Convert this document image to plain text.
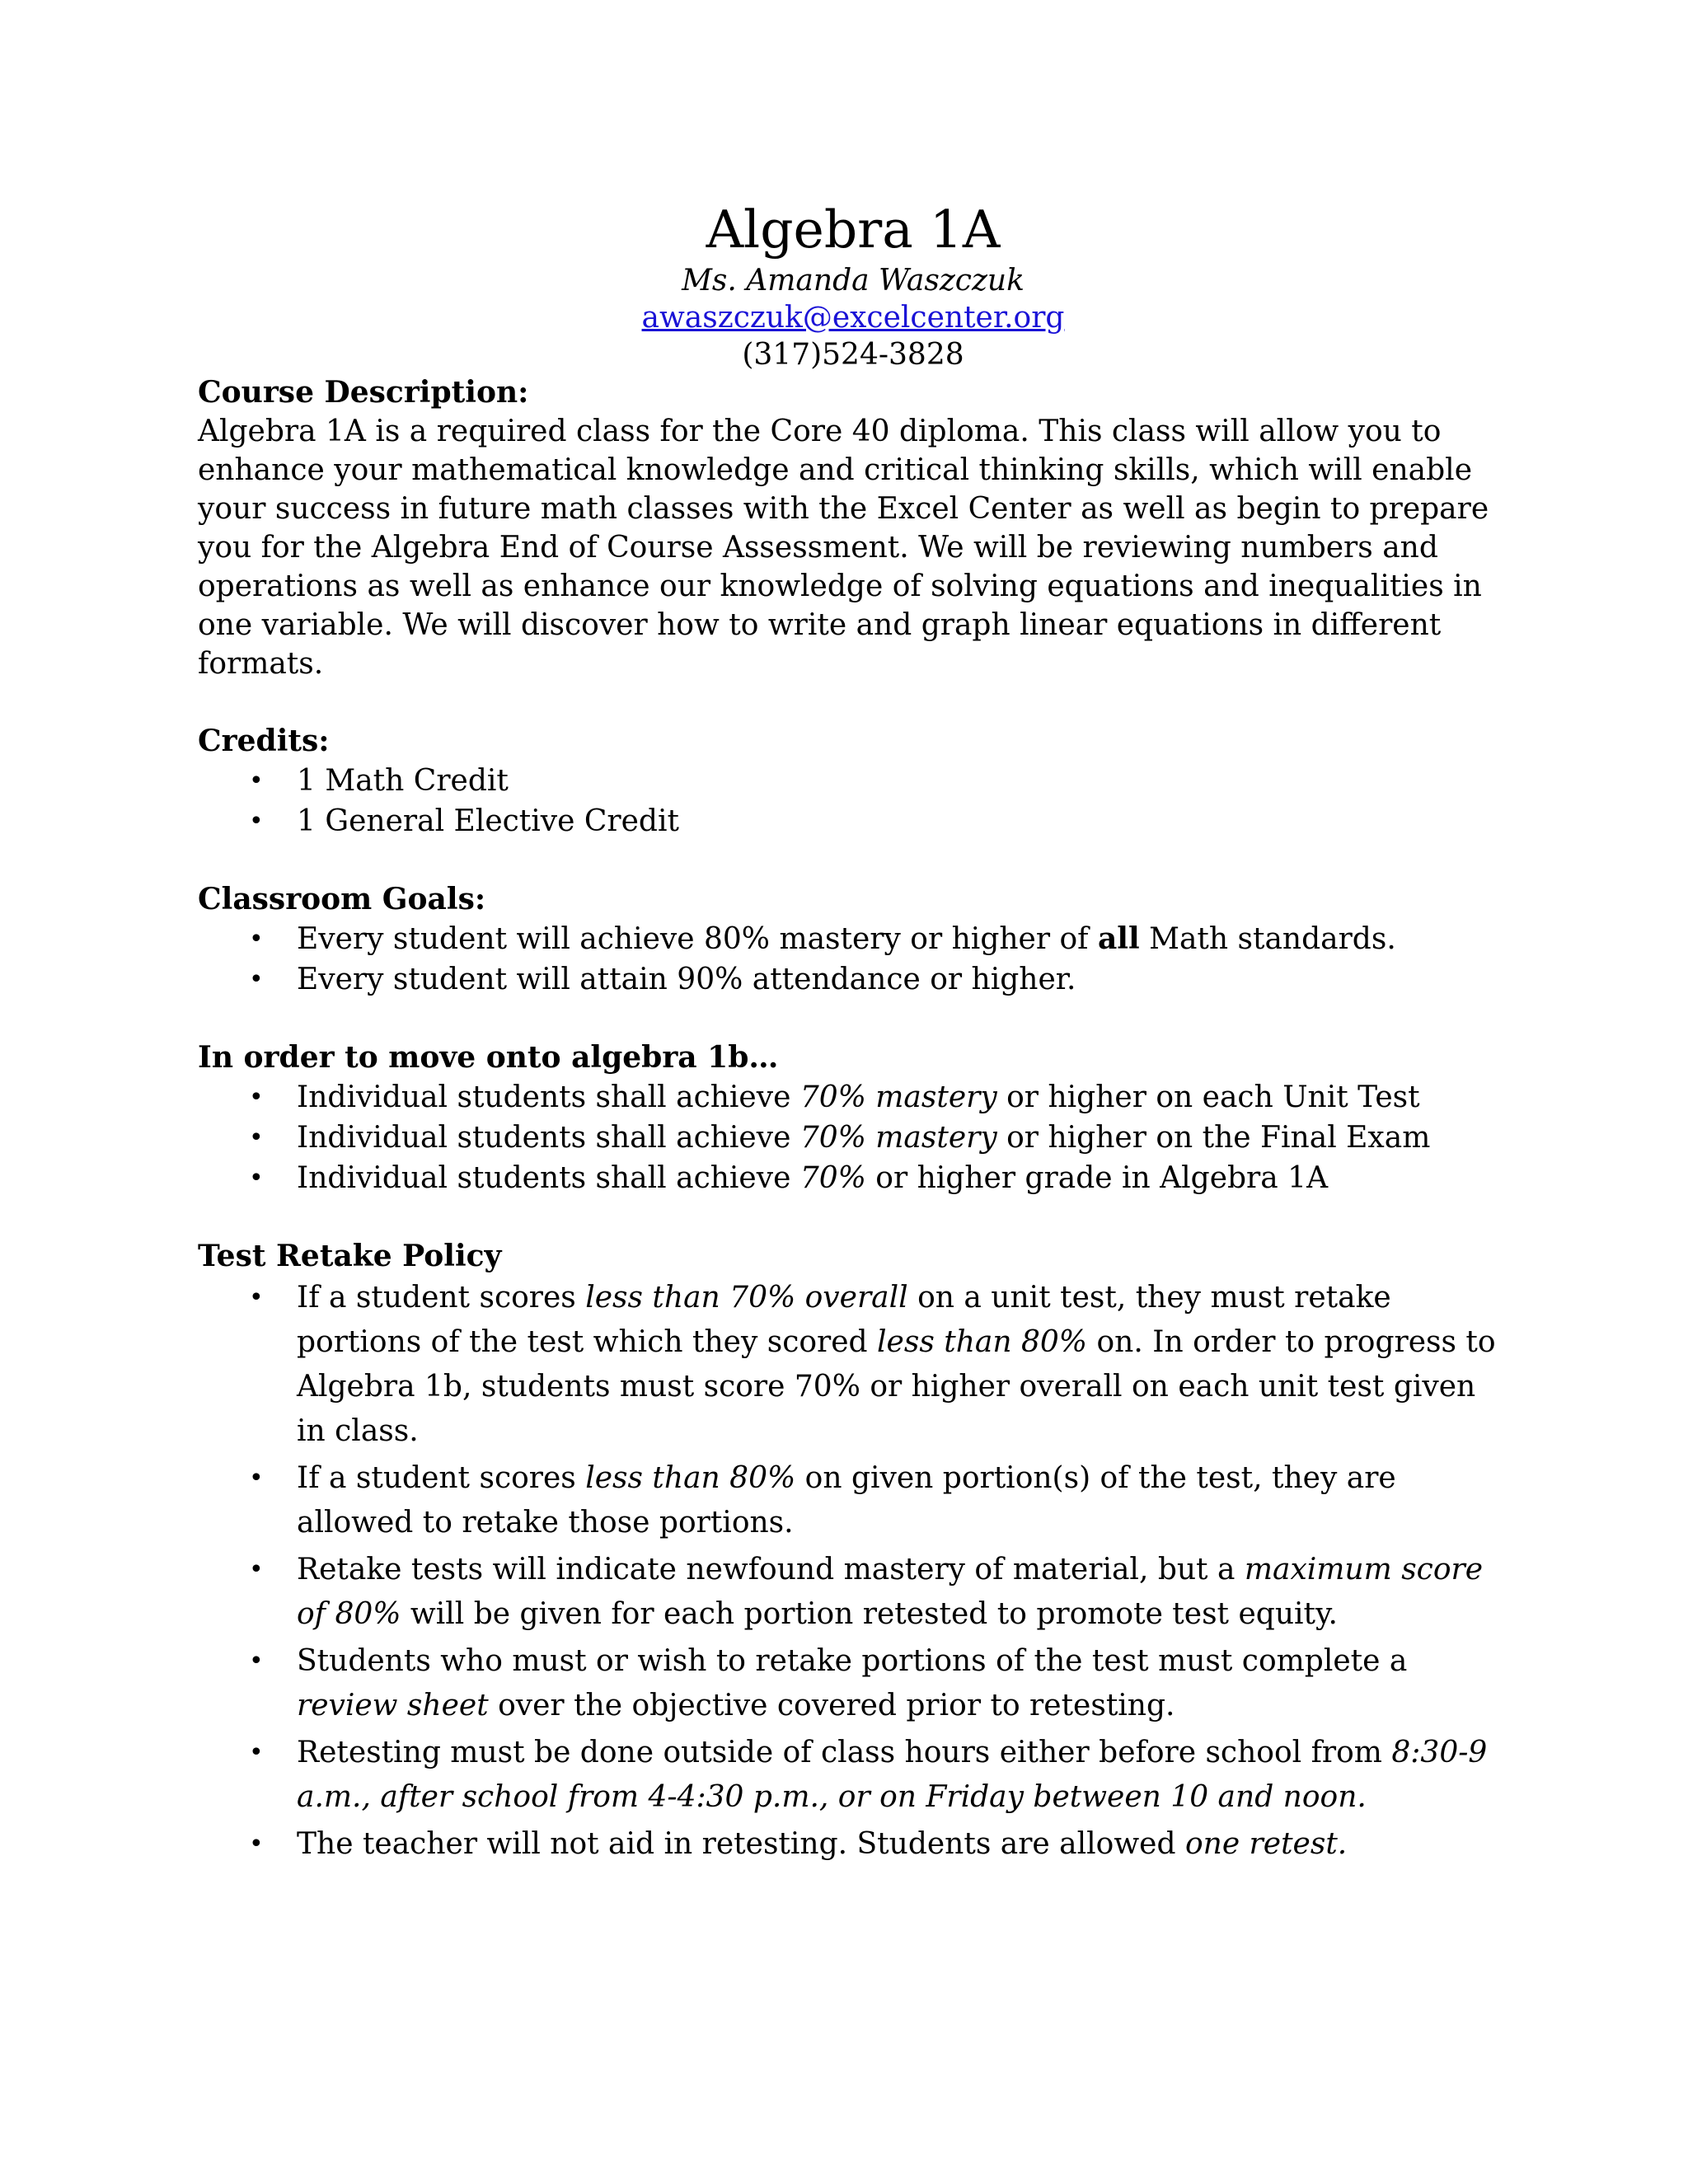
Algebra 1A
Ms. Amanda Waszczuk
awaszczuk@excelcenter.org
(317)524-3828
Course Description:
Algebra 1A is a required class for the Core 40 diploma. This class will allow you to enhance your mathematical knowledge and critical thinking skills, which will enable your success in future math classes with the Excel Center as well as begin to prepare you for the Algebra End of Course Assessment. We will be reviewing numbers and operations as well as enhance our knowledge of solving equations and inequalities in one variable. We will discover how to write and graph linear equations in different formats.
Credits:
• 1 Math Credit
• 1 General Elective Credit
Classroom Goals:
• Every student will achieve 80% mastery or higher of all Math standards.
• Every student will attain 90% attendance or higher.
In order to move onto algebra 1b…
• Individual students shall achieve 70% mastery or higher on each Unit Test
• Individual students shall achieve 70% mastery or higher on the Final Exam
• Individual students shall achieve 70% or higher grade in Algebra 1A
Test Retake Policy
• If a student scores less than 70% overall on a unit test, they must retake portions of the test which they scored less than 80% on. In order to progress to Algebra 1b, students must score 70% or higher overall on each unit test given in class.
• If a student scores less than 80% on given portion(s) of the test, they are allowed to retake those portions.
• Retake tests will indicate newfound mastery of material, but a maximum score of 80% will be given for each portion retested to promote test equity.
• Students who must or wish to retake portions of the test must complete a review sheet over the objective covered prior to retesting.
• Retesting must be done outside of class hours either before school from 8:30-9 a.m., after school from 4-4:30 p.m., or on Friday between 10 and noon.
• The teacher will not aid in retesting. Students are allowed one retest.
